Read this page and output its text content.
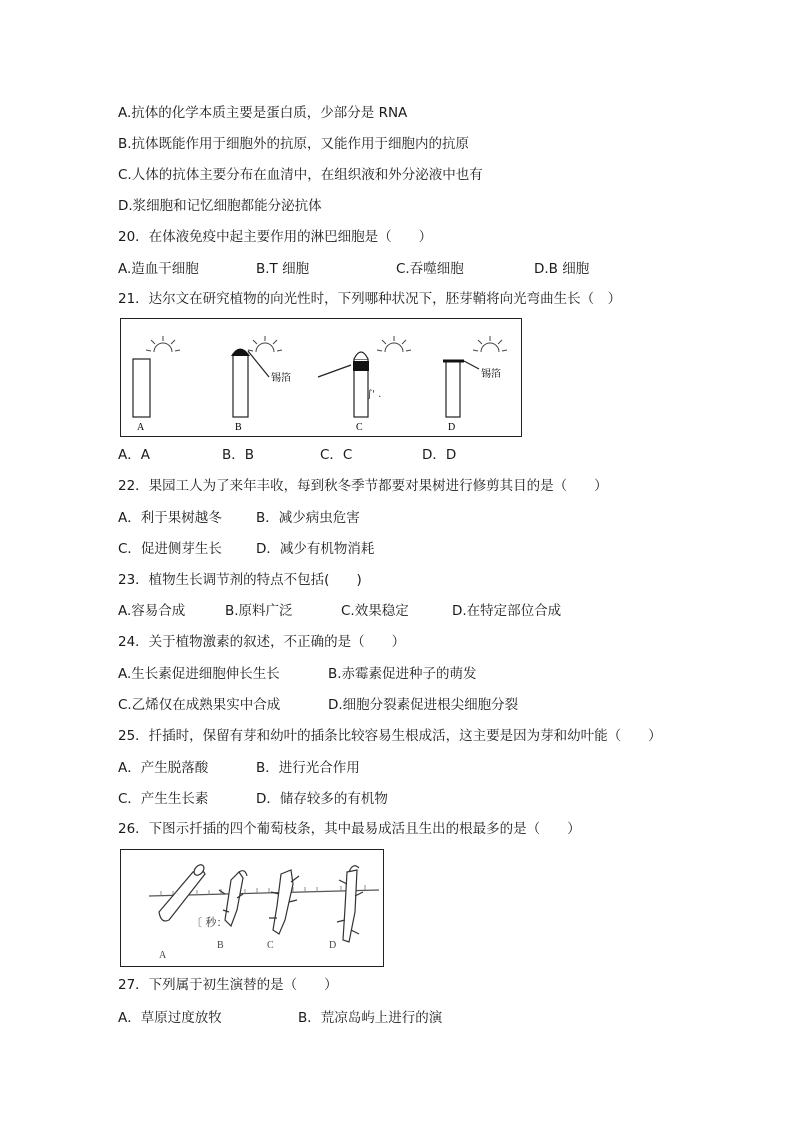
A.抗体的化学本质主要是蛋白质，少部分是 RNA
B.抗体既能作用于细胞外的抗原，又能作用于细胞内的抗原
C.人体的抗体主要分布在血清中，在组织液和外分泌液中也有
D.浆细胞和记忆细胞都能分泌抗体
20．在体液免疫中起主要作用的淋巴细胞是（　　）
A.造血干细胞	B.T 细胞	C.吞噬细胞	D.B 细胞
21．达尔文在研究植物的向光性时，下列哪种状况下，胚芽鞘将向光弯曲生长（　）
锡箔	锡箔
∫' .
A	B	C	D
A．A	B．B	C．C	D．D
22．果园工人为了来年丰收，每到秋冬季节都要对果树进行修剪其目的是（　　）
A．利于果树越冬	B．减少病虫危害
C．促进侧芽生长	D．减少有机物消耗
23．植物生长调节剂的特点不包括(　　)
A.容易合成	B.原料广泛	C.效果稳定	D.在特定部位合成
24．关于植物激素的叙述，不正确的是（　　）
A.生长素促进细胞伸长生长	B.赤霉素促进种子的萌发
C.乙烯仅在成熟果实中合成	D.细胞分裂素促进根尖细胞分裂
25．扦插时，保留有芽和幼叶的插条比较容易生根成活，这主要是因为芽和幼叶能（　　）
A．产生脱落酸	B．进行光合作用
C．产生生长素	D．储存较多的有机物
26．下图示扦插的四个葡萄枝条，其中最易成活且生出的根最多的是（　　）
〔 秒：
A
B	C	D
27．下列属于初生演替的是（　　）
A．草原过度放牧	B．荒凉岛屿上进行的演
